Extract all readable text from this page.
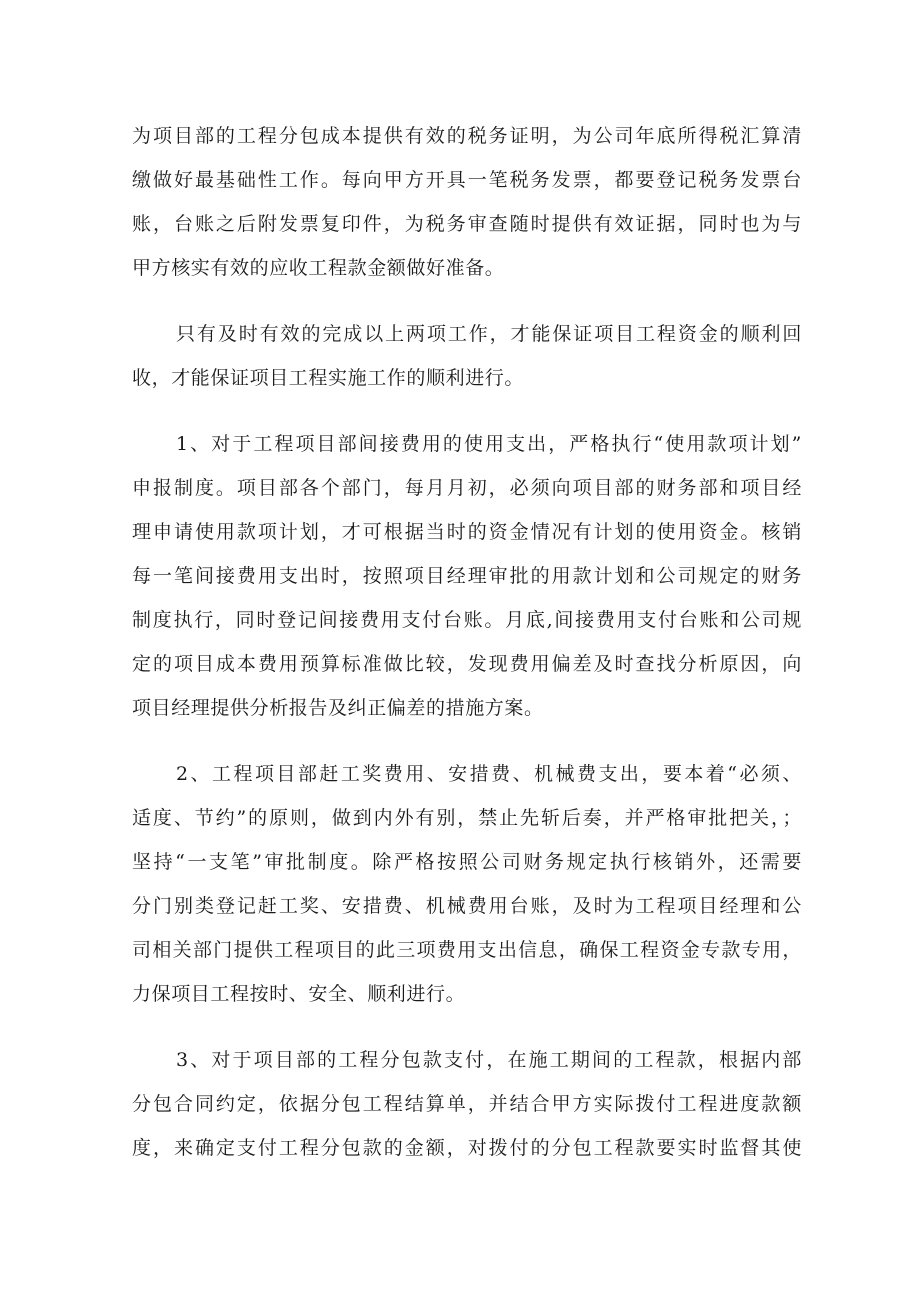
为项目部的工程分包成本提供有效的税务证明，为公司年底所得税汇算清
缴做好最基础性工作。每向甲方开具一笔税务发票，都要登记税务发票台
账，台账之后附发票复印件，为税务审查随时提供有效证据，同时也为与
甲方核实有效的应收工程款金额做好准备。
只有及时有效的完成以上两项工作，才能保证项目工程资金的顺利回
收，才能保证项目工程实施工作的顺利进行。
1、对于工程项目部间接费用的使用支出，严格执行“使用款项计划”
申报制度。项目部各个部门，每月月初，必须向项目部的财务部和项目经
理申请使用款项计划，才可根据当时的资金情况有计划的使用资金。核销
每一笔间接费用支出时，按照项目经理审批的用款计划和公司规定的财务
制度执行，同时登记间接费用支付台账。月底,间接费用支付台账和公司规
定的项目成本费用预算标准做比较，发现费用偏差及时查找分析原因，向
项目经理提供分析报告及纠正偏差的措施方案。
2、工程项目部赶工奖费用、安措费、机械费支出，要本着“必须、
适度、节约”的原则，做到内外有别，禁止先斩后奏，并严格审批把关，；
坚持“一支笔”审批制度。除严格按照公司财务规定执行核销外，还需要
分门别类登记赶工奖、安措费、机械费用台账，及时为工程项目经理和公
司相关部门提供工程项目的此三项费用支出信息，确保工程资金专款专用，
力保项目工程按时、安全、顺利进行。
3、对于项目部的工程分包款支付，在施工期间的工程款，根据内部
分包合同约定，依据分包工程结算单，并结合甲方实际拨付工程进度款额
度，来确定支付工程分包款的金额，对拨付的分包工程款要实时监督其使
